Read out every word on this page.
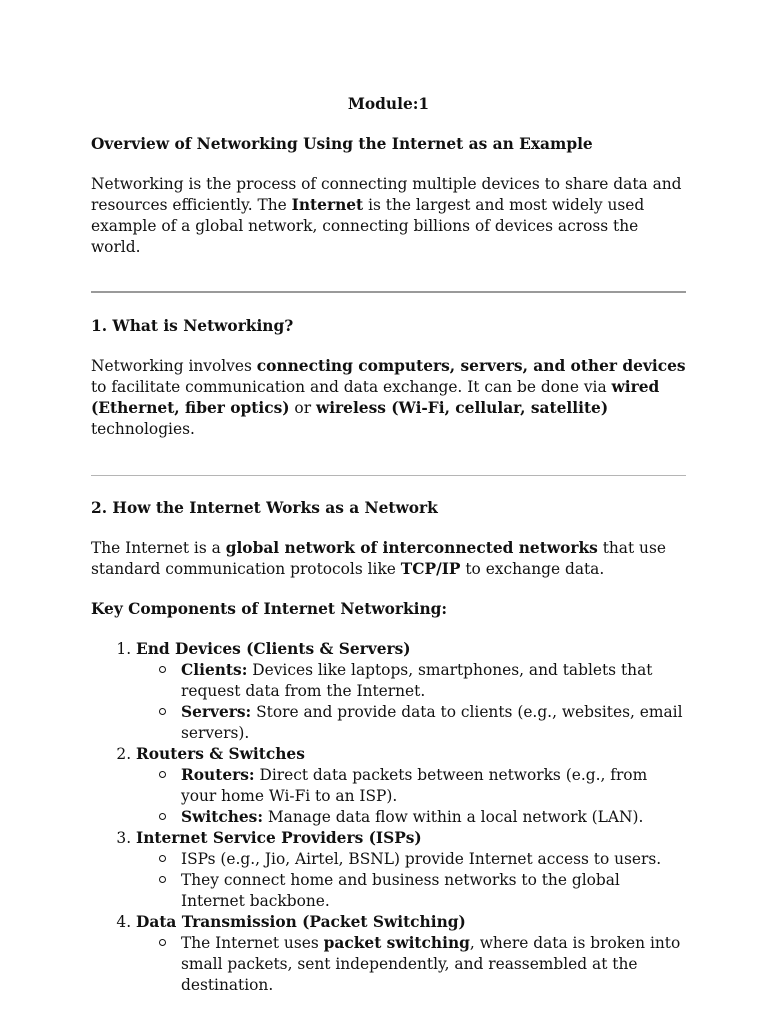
Module:1

Overview of Networking Using the Internet as an Example

Networking is the process of connecting multiple devices to share data and resources efficiently. The Internet is the largest and most widely used example of a global network, connecting billions of devices across the world.

1. What is Networking?

Networking involves connecting computers, servers, and other devices to facilitate communication and data exchange. It can be done via wired (Ethernet, fiber optics) or wireless (Wi-Fi, cellular, satellite) technologies.

2. How the Internet Works as a Network

The Internet is a global network of interconnected networks that use standard communication protocols like TCP/IP to exchange data.

Key Components of Internet Networking:

1. End Devices (Clients & Servers)
Clients: Devices like laptops, smartphones, and tablets that request data from the Internet.
Servers: Store and provide data to clients (e.g., websites, email servers).
2. Routers & Switches
Routers: Direct data packets between networks (e.g., from your home Wi-Fi to an ISP).
Switches: Manage data flow within a local network (LAN).
3. Internet Service Providers (ISPs)
ISPs (e.g., Jio, Airtel, BSNL) provide Internet access to users.
They connect home and business networks to the global Internet backbone.
4. Data Transmission (Packet Switching)
The Internet uses packet switching, where data is broken into small packets, sent independently, and reassembled at the destination.
